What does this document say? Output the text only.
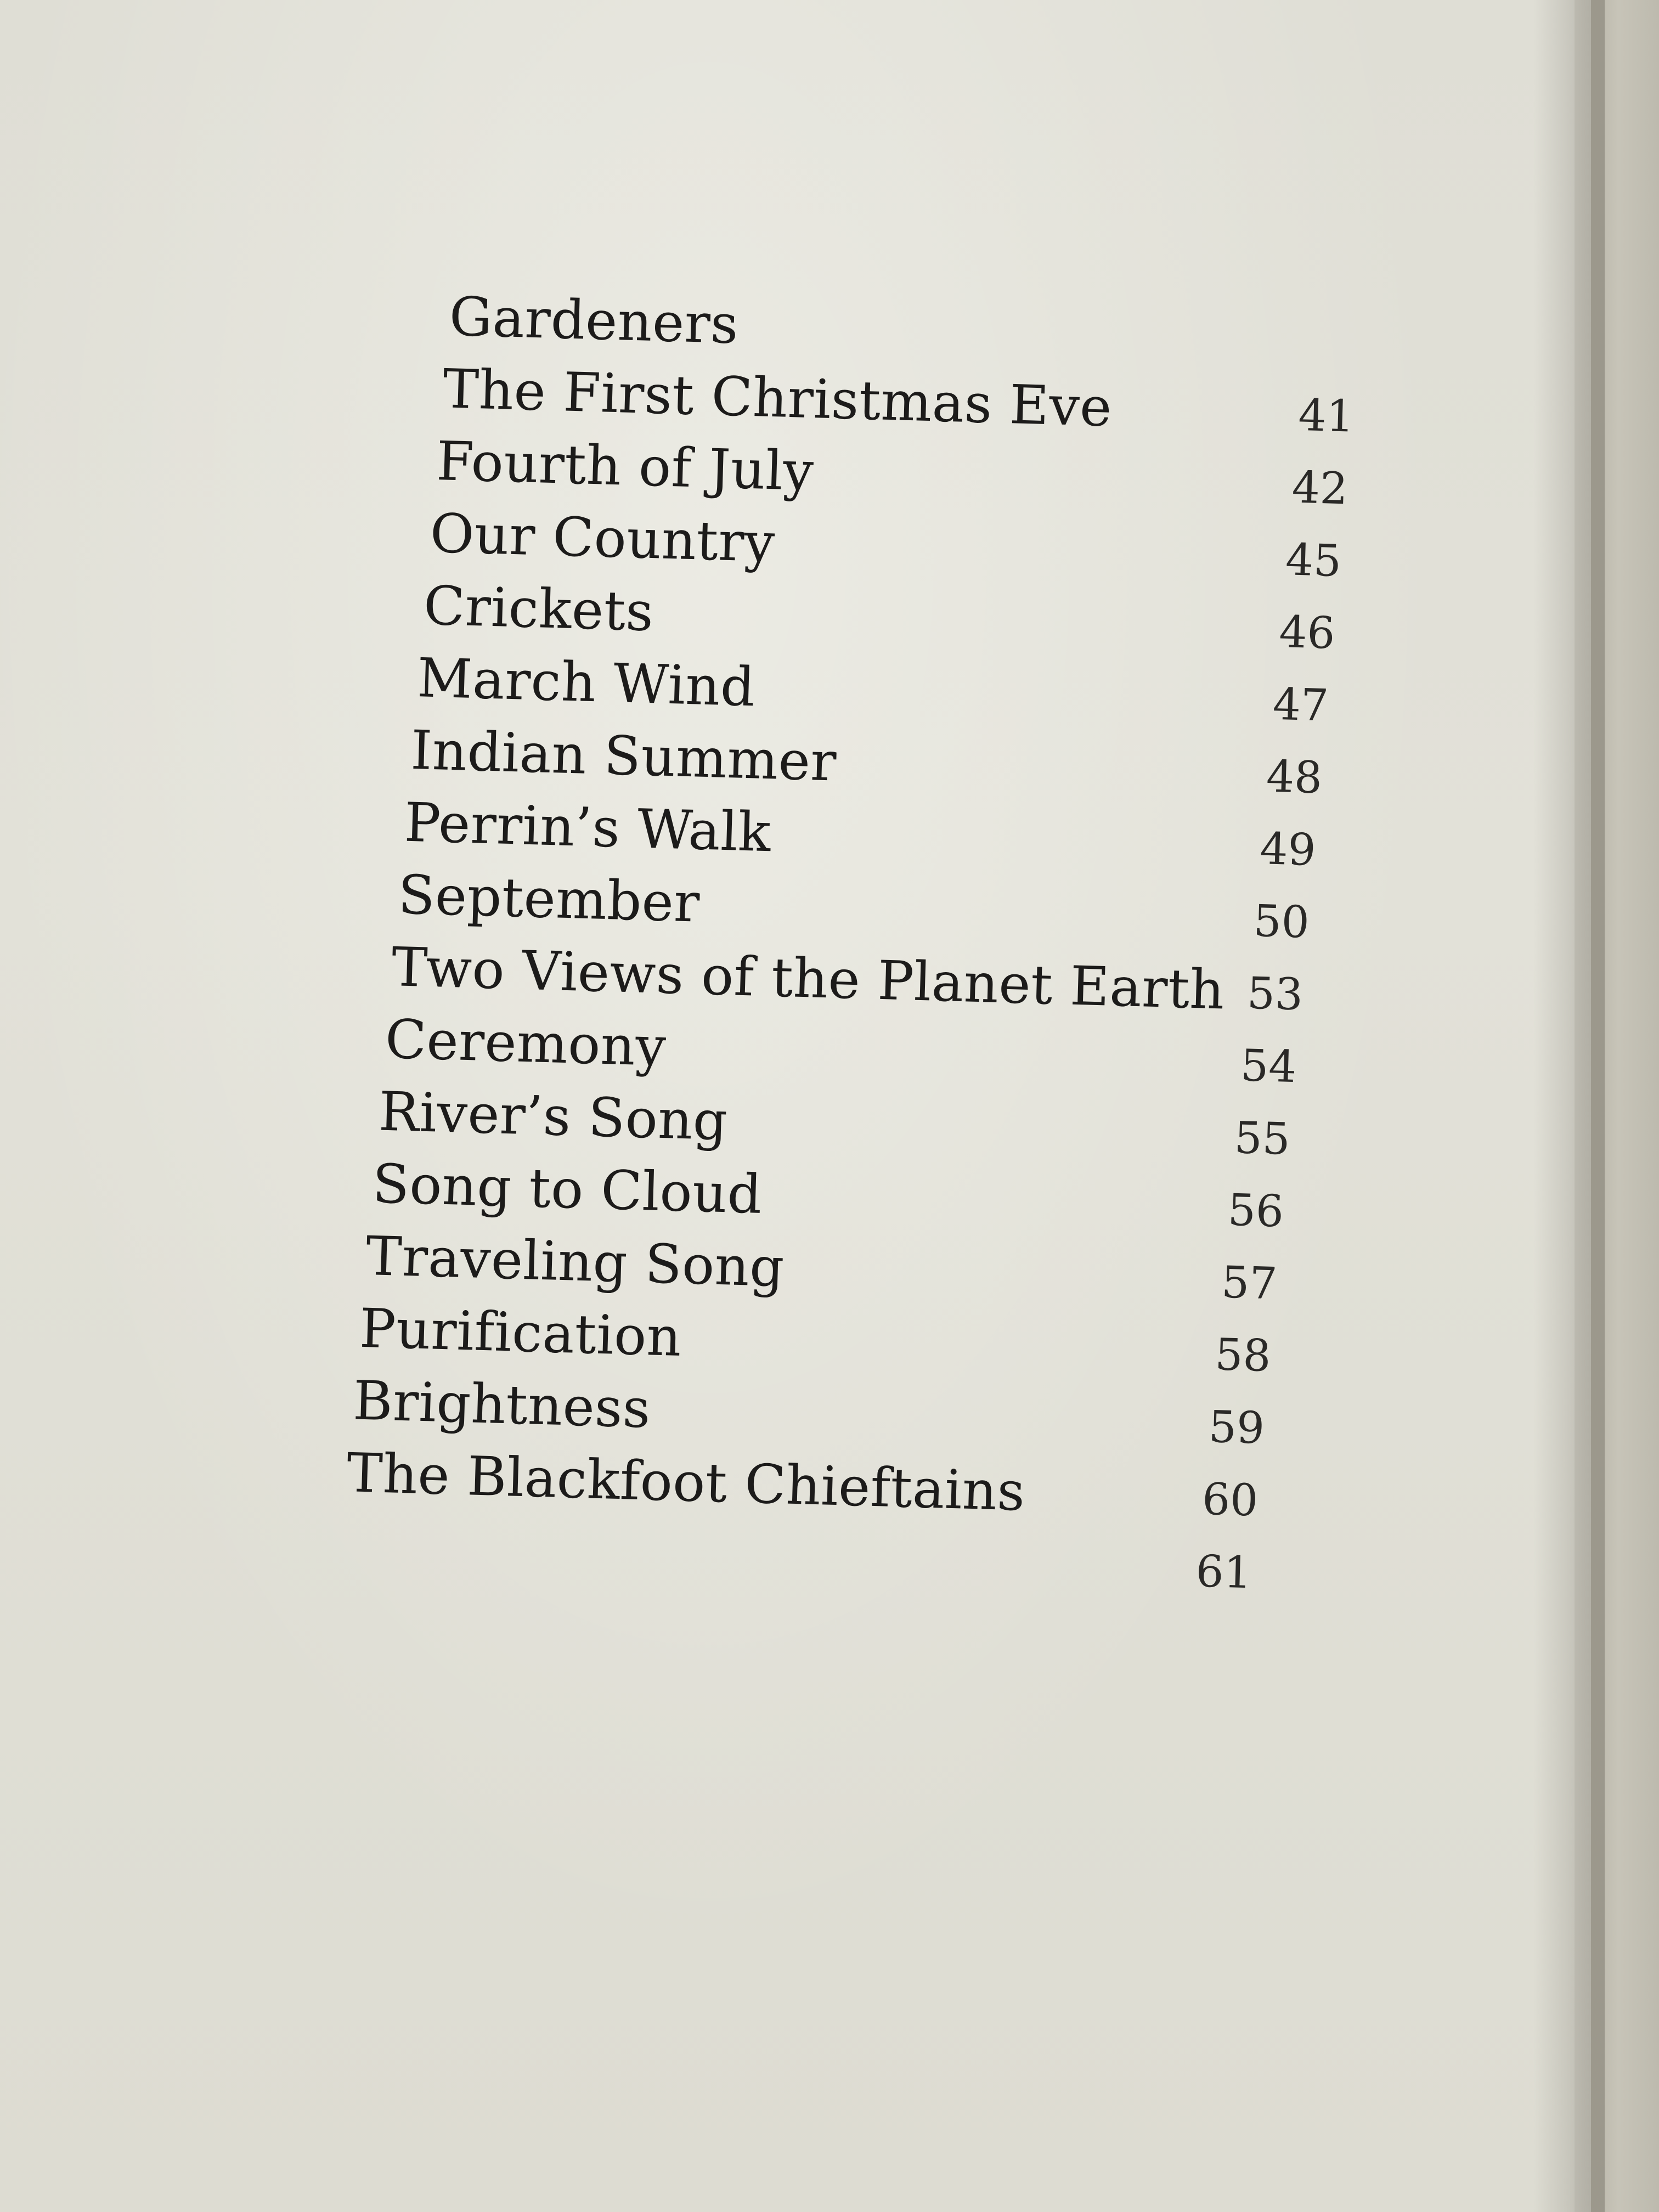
Gardeners
The First Christmas Eve	41
Fourth of July	42
Our Country	45
Crickets	46
March Wind	47
Indian Summer	48
Perrin’s Walk	49
September	50
Two Views of the Planet Earth 53
Ceremony	54
River’s Song	55
Song to Cloud	56
Traveling Song	57
Purification	58
Brightness	59
The Blackfoot Chieftains	60
61
